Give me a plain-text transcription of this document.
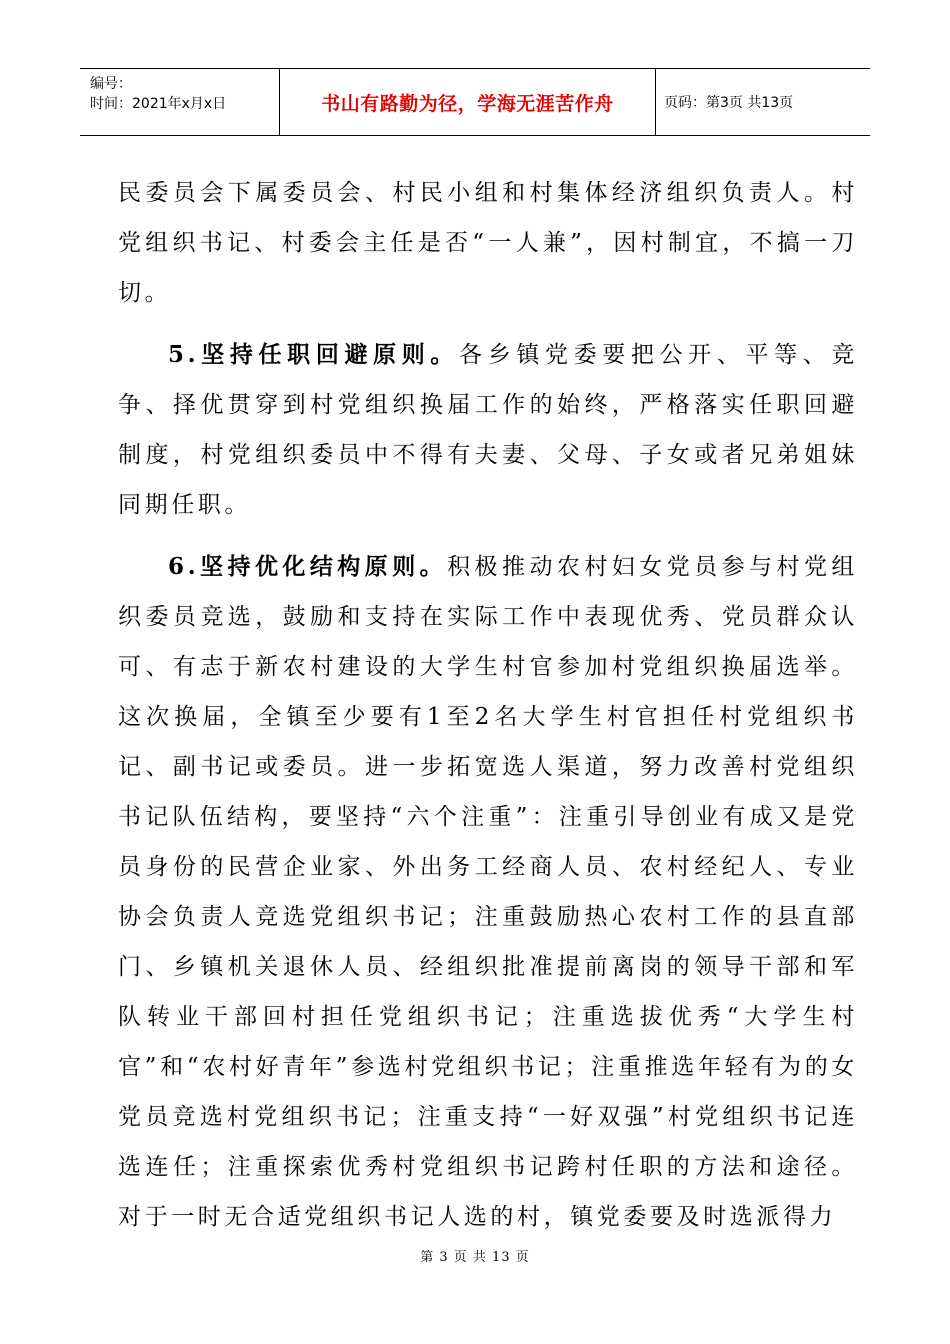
编号：
时间：2021年x月x日	书山有路勤为径，学海无涯苦作舟	页码：第3页 共13页

民委员会下属委员会、村民小组和村集体经济组织负责人。村党组织书记、村委会主任是否“一人兼”，因村制宜，不搞一刀切。

5.坚持任职回避原则。各乡镇党委要把公开、平等、竞争、择优贯穿到村党组织换届工作的始终，严格落实任职回避制度，村党组织委员中不得有夫妻、父母、子女或者兄弟姐妹同期任职。

6.坚持优化结构原则。积极推动农村妇女党员参与村党组织委员竞选，鼓励和支持在实际工作中表现优秀、党员群众认可、有志于新农村建设的大学生村官参加村党组织换届选举。这次换届，全镇至少要有1至2名大学生村官担任村党组织书记、副书记或委员。进一步拓宽选人渠道，努力改善村党组织书记队伍结构，要坚持“六个注重”：注重引导创业有成又是党员身份的民营企业家、外出务工经商人员、农村经纪人、专业协会负责人竞选党组织书记；注重鼓励热心农村工作的县直部门、乡镇机关退休人员、经组织批准提前离岗的领导干部和军队转业干部回村担任党组织书记；注重选拔优秀“大学生村官”和“农村好青年”参选村党组织书记；注重推选年轻有为的女党员竞选村党组织书记；注重支持“一好双强”村党组织书记连选连任；注重探索优秀村党组织书记跨村任职的方法和途径。对于一时无合适党组织书记人选的村，镇党委要及时选派得力

第 3 页 共 13 页
